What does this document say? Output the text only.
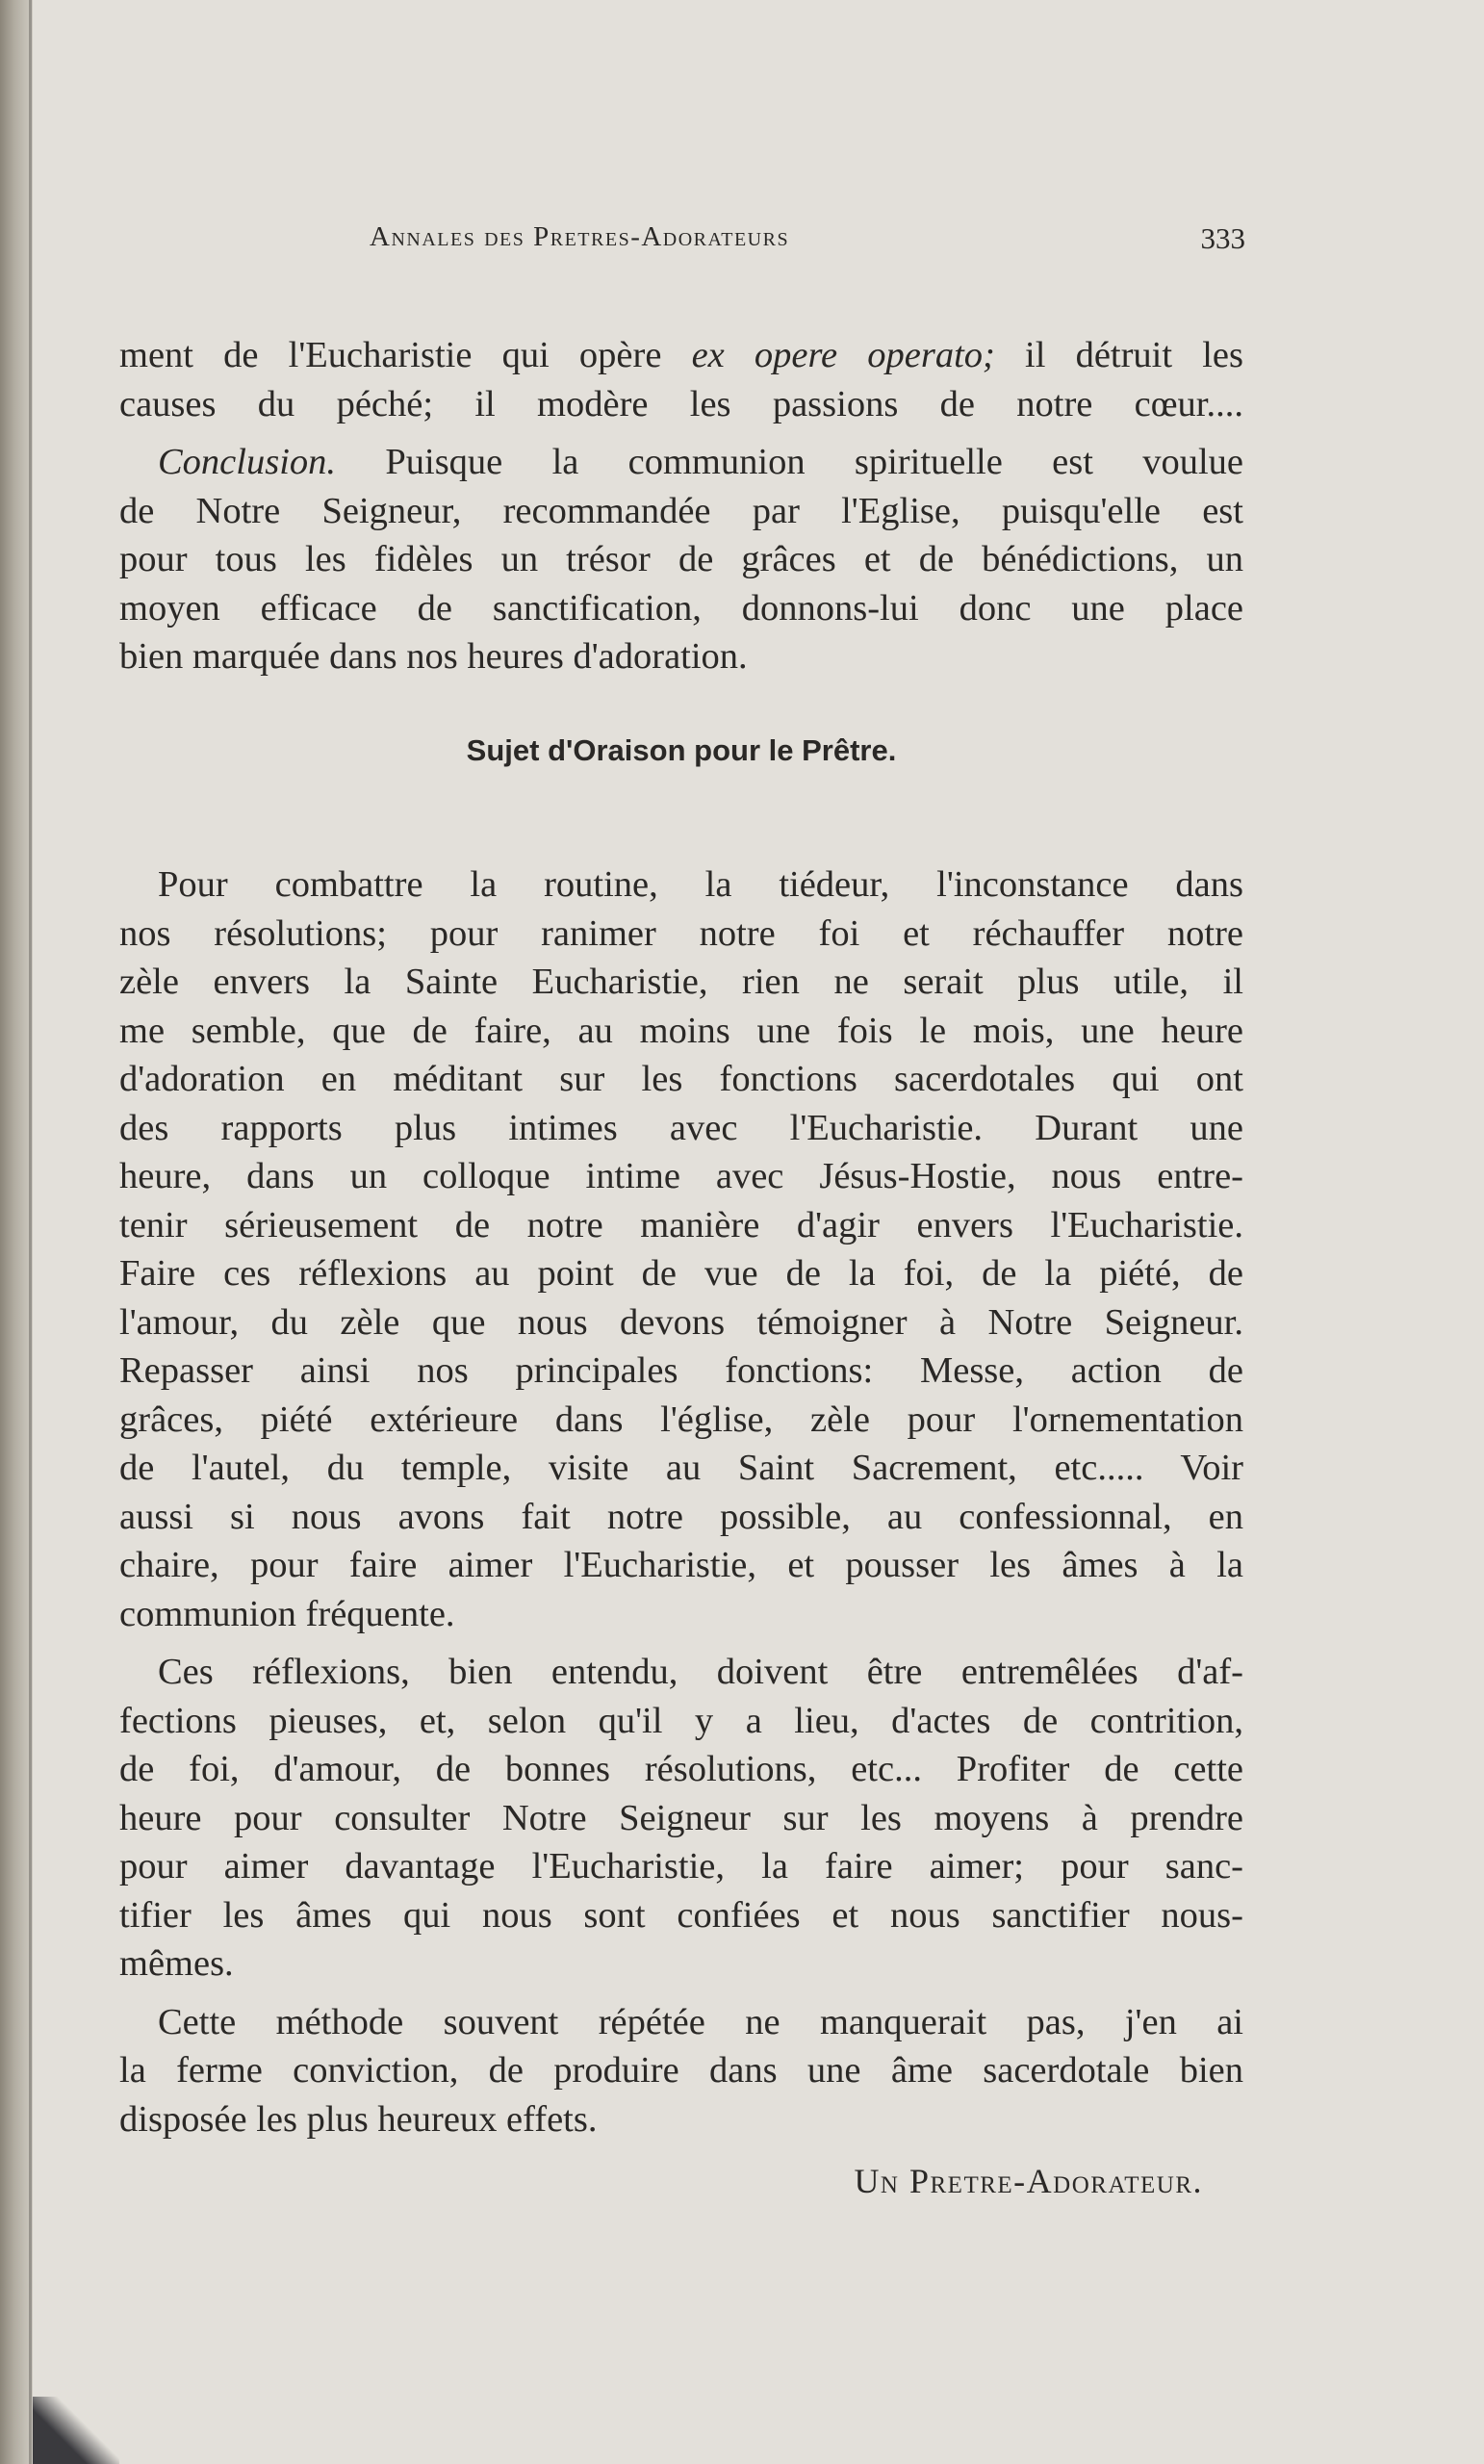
Annales des Pretres-Adorateurs	333
ment de l'Eucharistie qui opère ex opere operato; il détruit les
causes du péché; il modère les passions de notre cœur....
Conclusion. Puisque la communion spirituelle est voulue
de Notre Seigneur, recommandée par l'Eglise, puisqu'elle est
pour tous les fidèles un trésor de grâces et de bénédictions, un
moyen efficace de sanctification, donnons-lui donc une place
bien marquée dans nos heures d'adoration.
Sujet d'Oraison pour le Prêtre.
Pour combattre la routine, la tiédeur, l'inconstance dans
nos résolutions; pour ranimer notre foi et réchauffer notre
zèle envers la Sainte Eucharistie, rien ne serait plus utile, il
me semble, que de faire, au moins une fois le mois, une heure
d'adoration en méditant sur les fonctions sacerdotales qui ont
des rapports plus intimes avec l'Eucharistie. Durant une
heure, dans un colloque intime avec Jésus-Hostie, nous entre-
tenir sérieusement de notre manière d'agir envers l'Eucharistie.
Faire ces réflexions au point de vue de la foi, de la piété, de
l'amour, du zèle que nous devons témoigner à Notre Seigneur.
Repasser ainsi nos principales fonctions: Messe, action de
grâces, piété extérieure dans l'église, zèle pour l'ornementation
de l'autel, du temple, visite au Saint Sacrement, etc..... Voir
aussi si nous avons fait notre possible, au confessionnal, en
chaire, pour faire aimer l'Eucharistie, et pousser les âmes à la
communion fréquente.
Ces réflexions, bien entendu, doivent être entremêlées d'af-
fections pieuses, et, selon qu'il y a lieu, d'actes de contrition,
de foi, d'amour, de bonnes résolutions, etc... Profiter de cette
heure pour consulter Notre Seigneur sur les moyens à prendre
pour aimer davantage l'Eucharistie, la faire aimer; pour sanc-
tifier les âmes qui nous sont confiées et nous sanctifier nous-
mêmes.
Cette méthode souvent répétée ne manquerait pas, j'en ai
la ferme conviction, de produire dans une âme sacerdotale bien
disposée les plus heureux effets.
Un Pretre-Adorateur.
